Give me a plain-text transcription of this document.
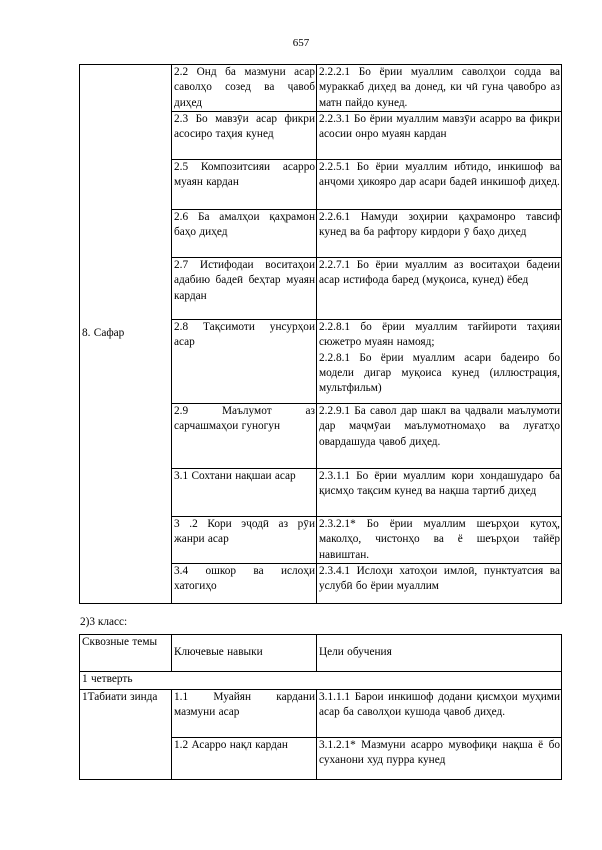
657
8. Сафар	2.2 Онд ба мазмуни асар саволҳо созед ва ҷавоб диҳед	2.2.2.1 Бо ёрии муаллим саволҳои содда ва мураккаб диҳед ва донед, ки чӣ гуна ҷавобро аз матн пайдо кунед.
	2.3 Бо мавзӯи асар фикри асосиро таҳия кунед	2.2.3.1 Бо ёрии муаллим мавзӯи асарро ва фикри асосии онро муаян кардан
	2.5 Композитсияи асарро муаян кардан	2.2.5.1 Бо ёрии муаллим ибтидо, инкишоф ва анҷоми ҳикояро дар асари бадеӣ инкишоф диҳед.
	2.6 Ба амалҳои қаҳрамон баҳо диҳед	2.2.6.1 Намуди зоҳирии қаҳрамонро тавсиф кунед ва ба рафтору кирдори ӯ баҳо диҳед
	2.7 Истифодаи воситаҳои адабию бадеӣ беҳтар муаян кардан	2.2.7.1 Бо ёрии муаллим аз воситаҳои бадеии асар истифода баред (муқоиса, кунед) ёбед
	2.8 Тақсимоти унсурҳои асар	2.2.8.1 бо ёрии муаллим тағйироти таҳияи сюжетро муаян намояд;
2.2.8.1 Бо ёрии муаллим асари бадеиро бо модели дигар муқоиса кунед (иллюстрация, мультфильм)

	2.9 Маълумот аз сарчашмаҳои гуногун	2.2.9.1 Ба савол дар шакл ва ҷадвали маълумоти дар маҷмӯаи маълумотномаҳо ва луғатҳо овардашуда ҷавоб диҳед.
	3.1 Сохтани нақшаи асар	2.3.1.1 Бо ёрии муаллим кори хондашударо ба қисмҳо тақсим кунед ва нақша тартиб диҳед
	3 .2 Кори эҷодӣ аз рӯи жанри асар	2.3.2.1* Бо ёрии муаллим шеърҳои кутоҳ, маколҳо, чистонҳо ва ё шеърҳои тайёр навиштан.
	3.4 ошкор ва ислоҳи хатогиҳо	2.3.4.1 Ислоҳи хатоҳои имлоӣ, пунктуатсия ва услубӣ бо ёрии муаллим
2)3 класс:
Сквозные темы	Ключевые навыки	Цели обучения
1 четверть		
1Табиати зинда	1.1 Муайян кардани мазмуни асар	3.1.1.1 Барои инкишоф додани қисмҳои муҳими асар ба саволҳои кушода ҷавоб диҳед.
	1.2 Асарро нақл кардан	3.1.2.1* Мазмуни асарро мувофиқи нақша ё бо суханони худ пурра кунед
